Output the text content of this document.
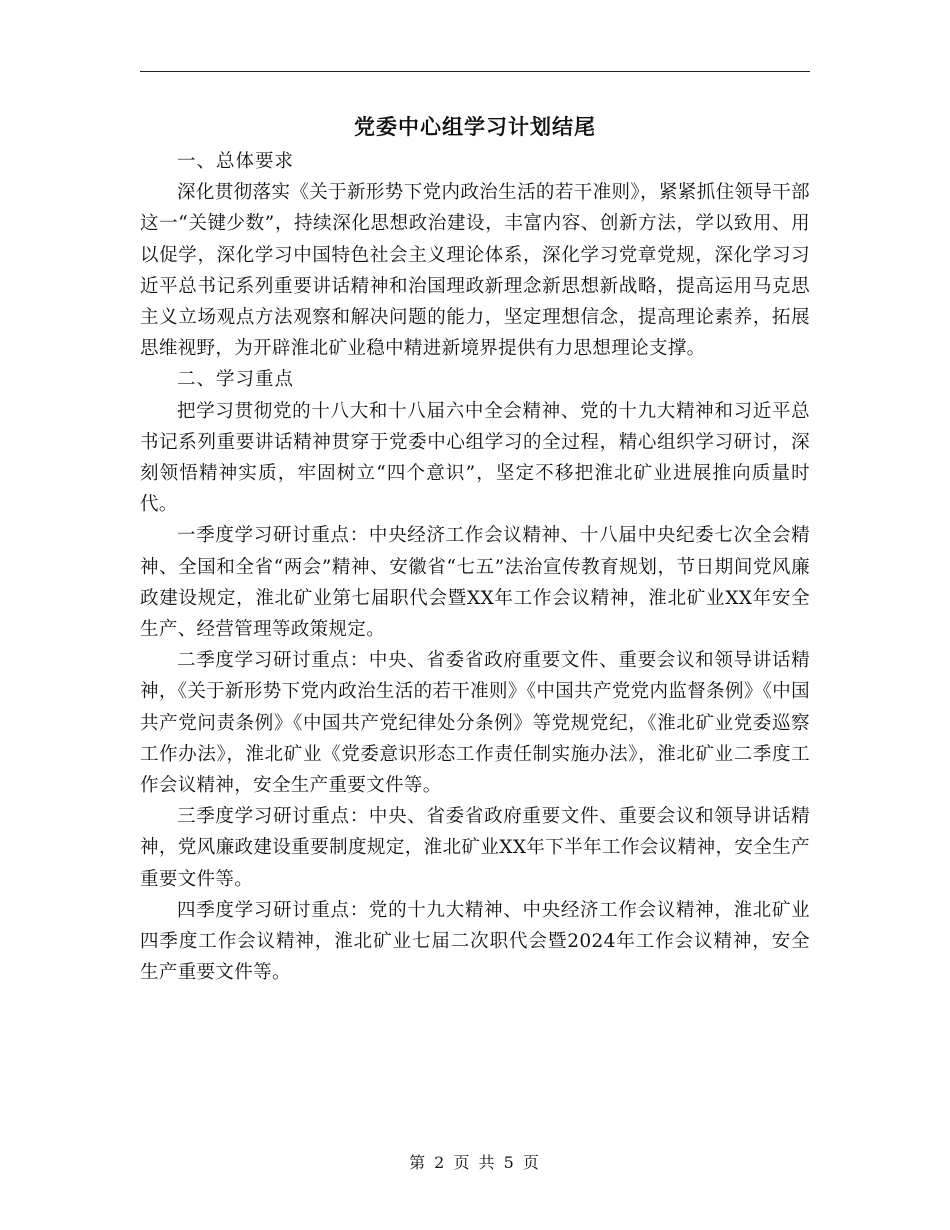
党委中心组学习计划结尾

一、总体要求

深化贯彻落实《关于新形势下党内政治生活的若干准则》，紧紧抓住领导干部这一“关键少数”，持续深化思想政治建设，丰富内容、创新方法，学以致用、用以促学，深化学习中国特色社会主义理论体系，深化学习党章党规，深化学习习近平总书记系列重要讲话精神和治国理政新理念新思想新战略，提高运用马克思主义立场观点方法观察和解决问题的能力，坚定理想信念，提高理论素养，拓展思维视野，为开辟淮北矿业稳中精进新境界提供有力思想理论支撑。

二、学习重点

把学习贯彻党的十八大和十八届六中全会精神、党的十九大精神和习近平总书记系列重要讲话精神贯穿于党委中心组学习的全过程，精心组织学习研讨，深刻领悟精神实质，牢固树立“四个意识”，坚定不移把淮北矿业进展推向质量时代。

一季度学习研讨重点：中央经济工作会议精神、十八届中央纪委七次全会精神、全国和全省“两会”精神、安徽省“七五”法治宣传教育规划，节日期间党风廉政建设规定，淮北矿业第七届职代会暨XX年工作会议精神，淮北矿业XX年安全生产、经营管理等政策规定。

二季度学习研讨重点：中央、省委省政府重要文件、重要会议和领导讲话精神，《关于新形势下党内政治生活的若干准则》《中国共产党党内监督条例》《中国共产党问责条例》《中国共产党纪律处分条例》等党规党纪，《淮北矿业党委巡察工作办法》，淮北矿业《党委意识形态工作责任制实施办法》，淮北矿业二季度工作会议精神，安全生产重要文件等。

三季度学习研讨重点：中央、省委省政府重要文件、重要会议和领导讲话精神，党风廉政建设重要制度规定，淮北矿业XX年下半年工作会议精神，安全生产重要文件等。

四季度学习研讨重点：党的十九大精神、中央经济工作会议精神，淮北矿业四季度工作会议精神，淮北矿业七届二次职代会暨2024年工作会议精神，安全生产重要文件等。

第 2 页 共 5 页
